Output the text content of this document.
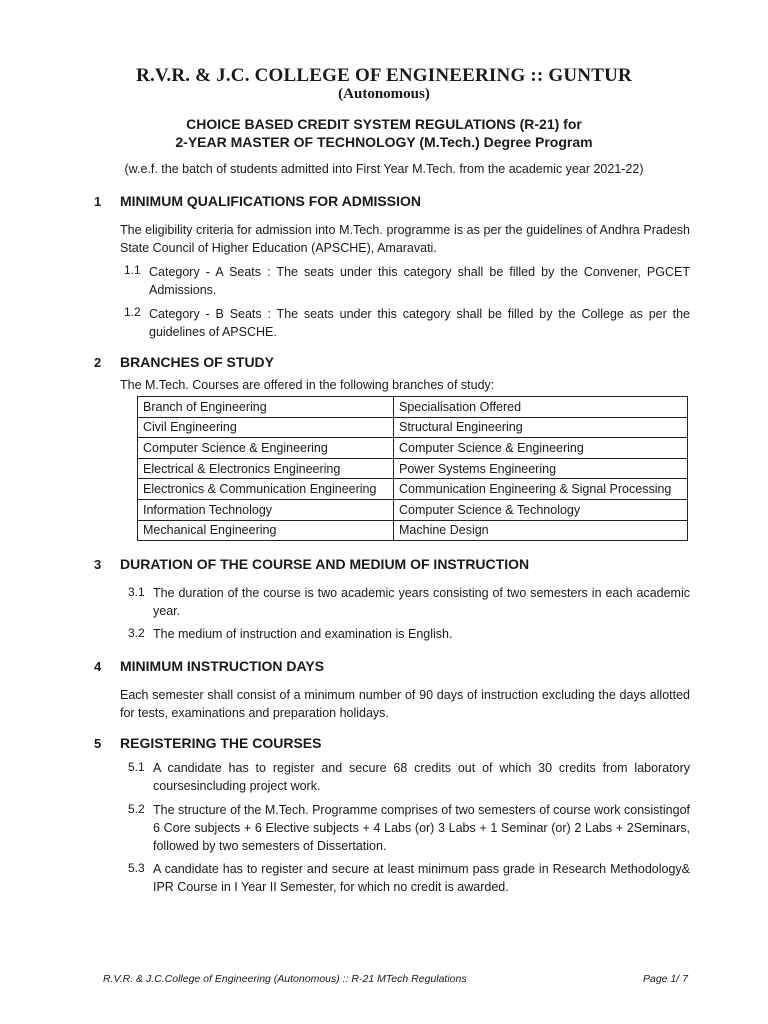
R.V.R. & J.C. COLLEGE OF ENGINEERING :: GUNTUR
(Autonomous)
CHOICE BASED CREDIT SYSTEM REGULATIONS (R-21) for
2-YEAR MASTER OF TECHNOLOGY (M.Tech.) Degree Program
(w.e.f. the batch of students admitted into First Year M.Tech. from the academic year 2021-22)
1 MINIMUM QUALIFICATIONS FOR ADMISSION
The eligibility criteria for admission into M.Tech. programme is as per the guidelines of Andhra Pradesh State Council of Higher Education (APSCHE), Amaravati.
1.1 Category - A Seats : The seats under this category shall be filled by the Convener, PGCET Admissions.
1.2 Category - B Seats : The seats under this category shall be filled by the College as per the guidelines of APSCHE.
2 BRANCHES OF STUDY
The M.Tech. Courses are offered in the following branches of study:
Branch of Engineering	Specialisation Offered
Civil Engineering	Structural Engineering
Computer Science & Engineering	Computer Science & Engineering
Electrical & Electronics Engineering	Power Systems Engineering
Electronics & Communication Engineering	Communication Engineering & Signal Processing
Information Technology	Computer Science & Technology
Mechanical Engineering	Machine Design
3 DURATION OF THE COURSE AND MEDIUM OF INSTRUCTION
3.1 The duration of the course is two academic years consisting of two semesters in each academic year.
3.2 The medium of instruction and examination is English.
4 MINIMUM INSTRUCTION DAYS
Each semester shall consist of a minimum number of 90 days of instruction excluding the days allotted for tests, examinations and preparation holidays.
5 REGISTERING THE COURSES
5.1 A candidate has to register and secure 68 credits out of which 30 credits from laboratory coursesincluding project work.
5.2 The structure of the M.Tech. Programme comprises of two semesters of course work consistingof 6 Core subjects + 6 Elective subjects + 4 Labs (or) 3 Labs + 1 Seminar (or) 2 Labs + 2Seminars, followed by two semesters of Dissertation.
5.3 A candidate has to register and secure at least minimum pass grade in Research Methodology& IPR Course in I Year II Semester, for which no credit is awarded.
R.V.R. & J.C.College of Engineering (Autonomous) :: R-21 MTech Regulations	Page 1/ 7
